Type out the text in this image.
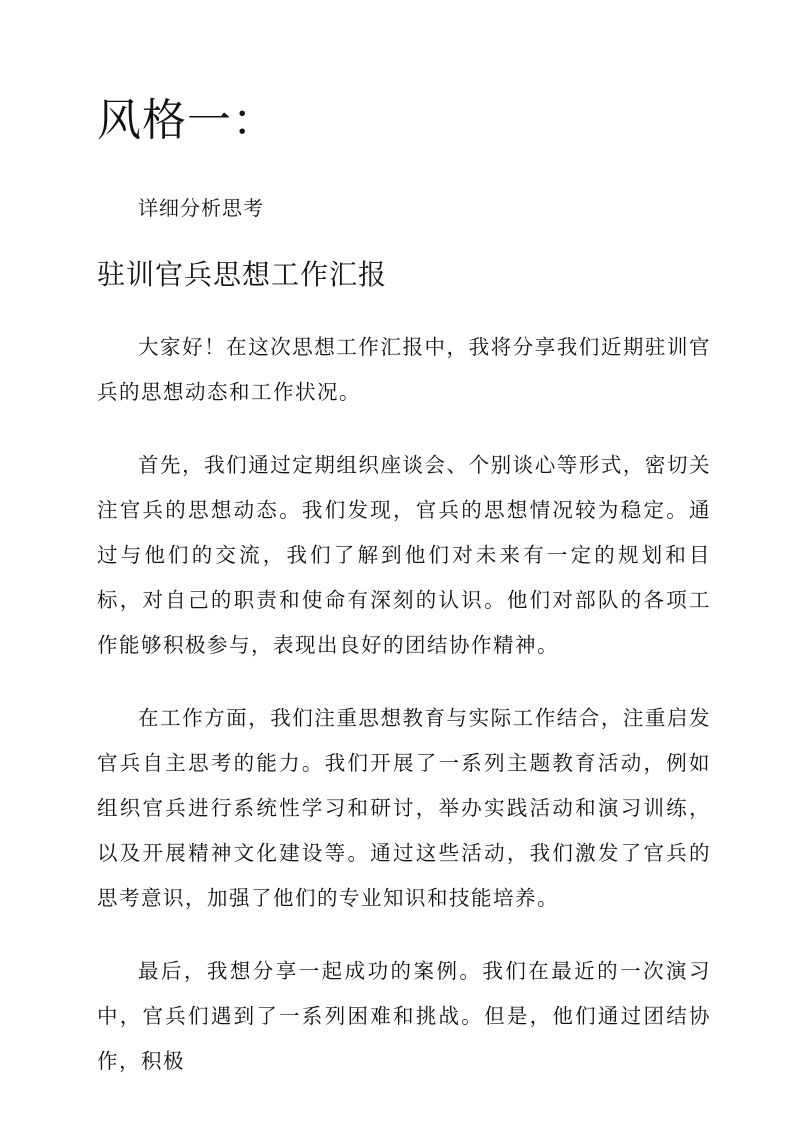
风格一：

详细分析思考

驻训官兵思想工作汇报

大家好！在这次思想工作汇报中，我将分享我们近期驻训官兵的思想动态和工作状况。

首先，我们通过定期组织座谈会、个别谈心等形式，密切关注官兵的思想动态。我们发现，官兵的思想情况较为稳定。通过与他们的交流，我们了解到他们对未来有一定的规划和目标，对自己的职责和使命有深刻的认识。他们对部队的各项工作能够积极参与，表现出良好的团结协作精神。

在工作方面，我们注重思想教育与实际工作结合，注重启发官兵自主思考的能力。我们开展了一系列主题教育活动，例如组织官兵进行系统性学习和研讨，举办实践活动和演习训练，以及开展精神文化建设等。通过这些活动，我们激发了官兵的思考意识，加强了他们的专业知识和技能培养。

最后，我想分享一起成功的案例。我们在最近的一次演习中，官兵们遇到了一系列困难和挑战。但是，他们通过团结协作，积极
